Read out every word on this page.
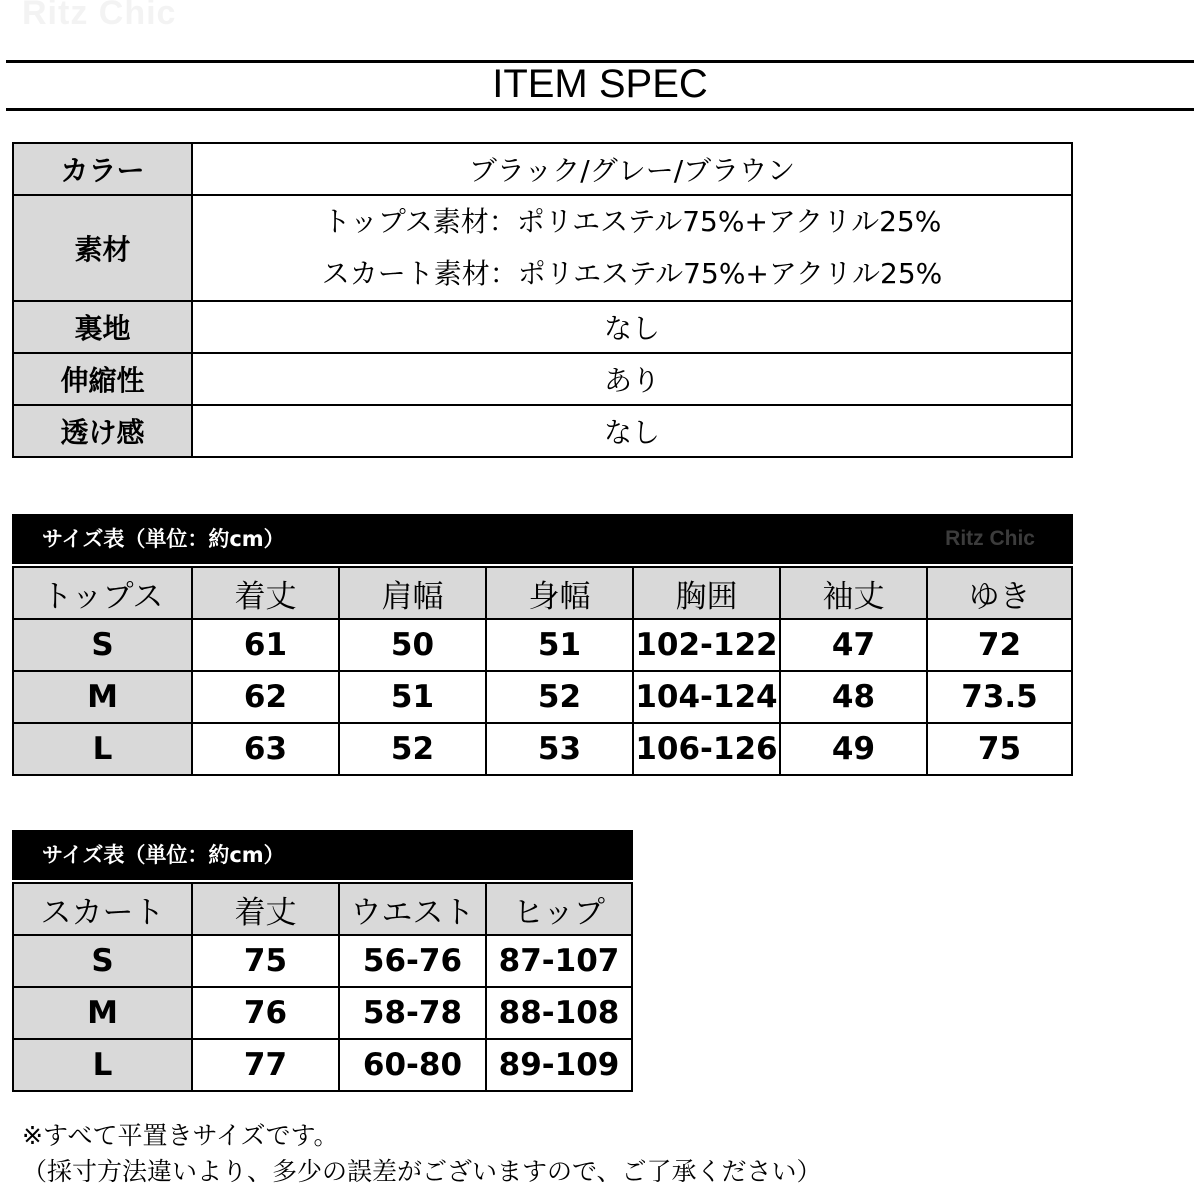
Ritz Chic
ITEM SPEC
カラー	ブラック/グレー/ブラウン
素材	トップス素材：ポリエステル75%+アクリル25%
スカート素材：ポリエステル75%+アクリル25%

裏地	なし
伸縮性	あり
透け感	なし
サイズ表（単位：約cm）	Ritz Chic
トップス	着丈	肩幅	身幅	胸囲	袖丈	ゆき
S	61	50	51	102-122	47	72
M	62	51	52	104-124	48	73.5
L	63	52	53	106-126	49	75
サイズ表（単位：約cm）
スカート	着丈	ウエスト	ヒップ
S	75	56-76	87-107
M	76	58-78	88-108
L	77	60-80	89-109
※すべて平置きサイズです。
（採寸方法違いより、多少の誤差がございますので、ご了承ください）
